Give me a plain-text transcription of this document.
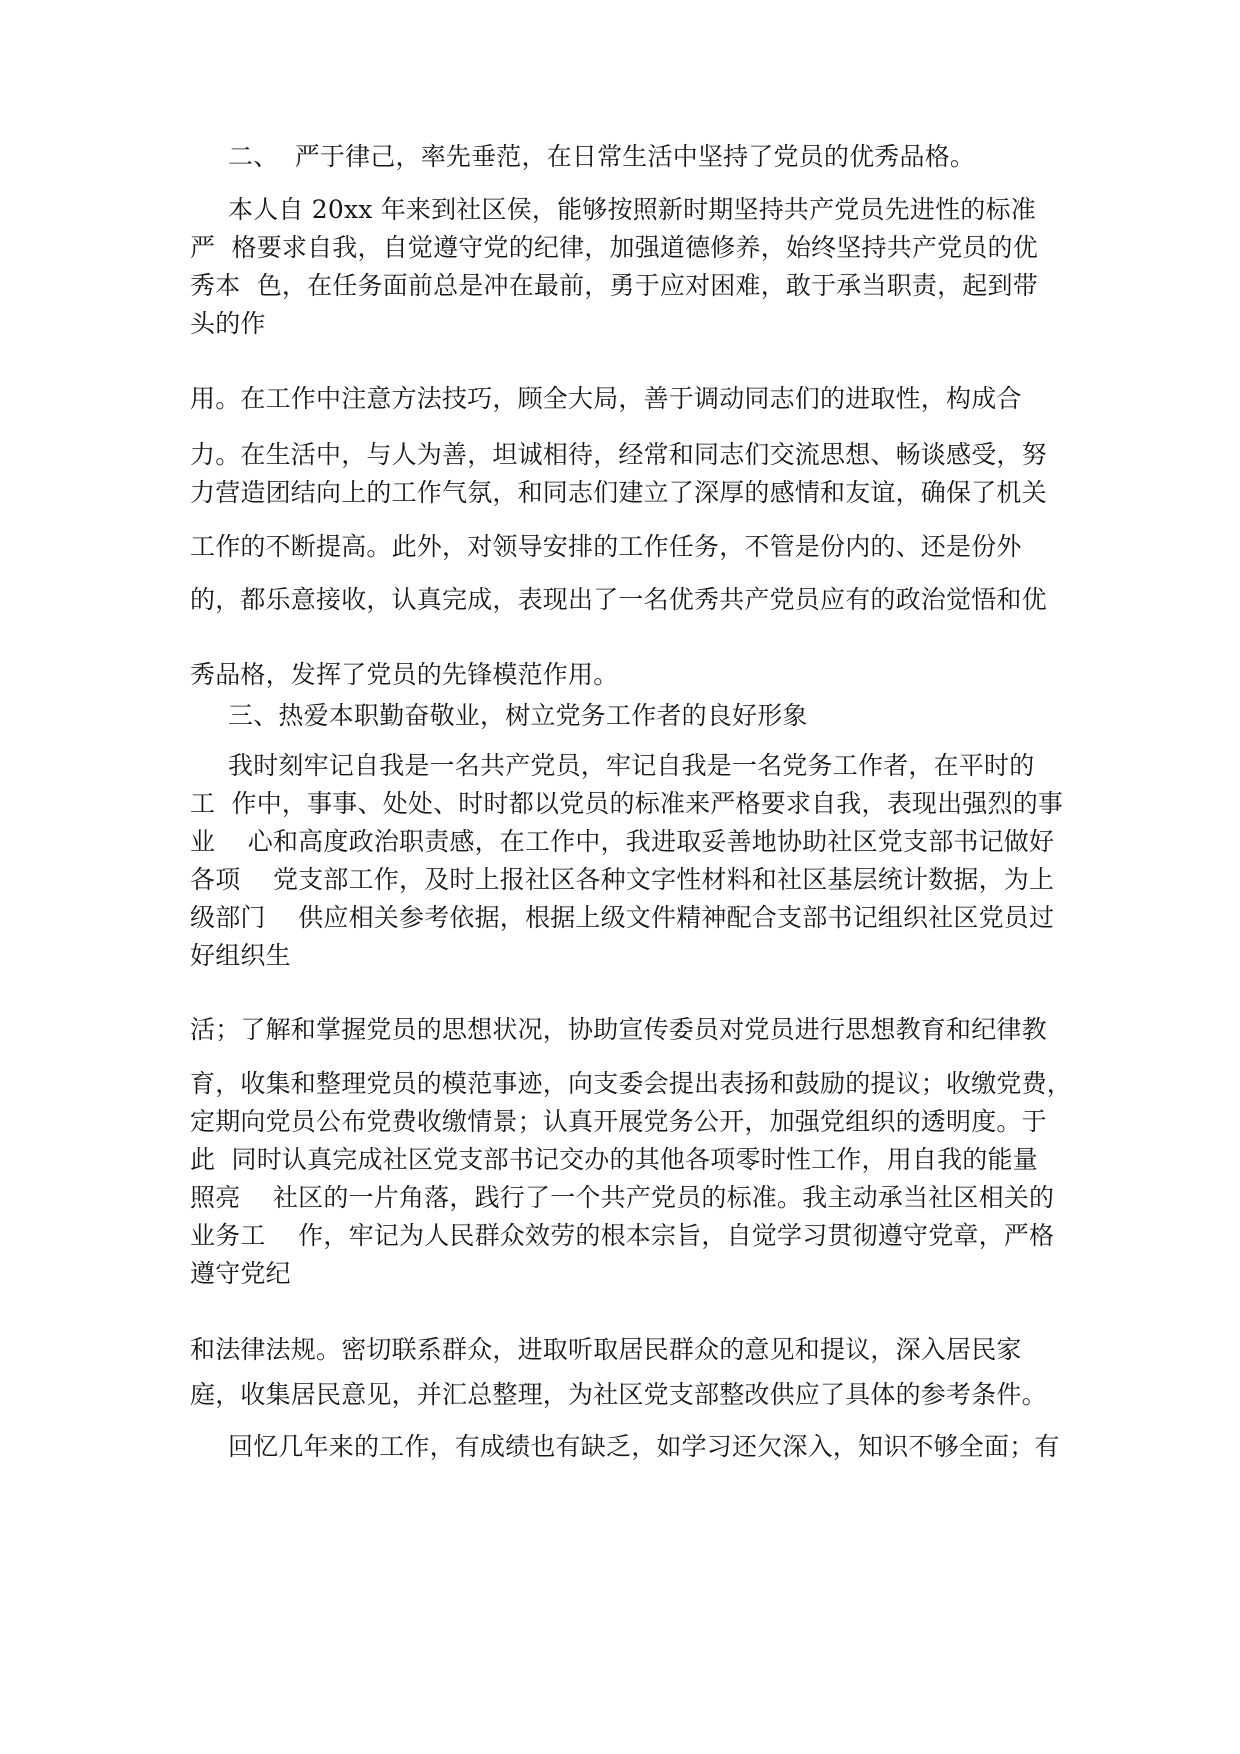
二、  严于律己，率先垂范，在日常生活中坚持了党员的优秀品格。

本人自 20xx 年来到社区侯，能够按照新时期坚持共产党员先进性的标准

严  格要求自我，自觉遵守党的纪律，加强道德修养，始终坚持共产党员的优

秀本  色，在任务面前总是冲在最前，勇于应对困难，敢于承当职责，起到带

头的作

用。在工作中注意方法技巧，顾全大局，善于调动同志们的进取性，构成合

力。在生活中，与人为善，坦诚相待，经常和同志们交流思想、畅谈感受，努

力营造团结向上的工作气氛，和同志们建立了深厚的感情和友谊，确保了机关

工作的不断提高。此外，对领导安排的工作任务，不管是份内的、还是份外

的，都乐意接收，认真完成，表现出了一名优秀共产党员应有的政治觉悟和优

秀品格，发挥了党员的先锋模范作用。

三、热爱本职勤奋敬业，树立党务工作者的良好形象

我时刻牢记自我是一名共产党员，牢记自我是一名党务工作者，在平时的

工  作中，事事、处处、时时都以党员的标准来严格要求自我，表现出强烈的事

业    心和高度政治职责感，在工作中，我进取妥善地协助社区党支部书记做好

各项    党支部工作，及时上报社区各种文字性材料和社区基层统计数据，为上

级部门    供应相关参考依据，根据上级文件精神配合支部书记组织社区党员过

好组织生

活；了解和掌握党员的思想状况，协助宣传委员对党员进行思想教育和纪律教

育，收集和整理党员的模范事迹，向支委会提出表扬和鼓励的提议；收缴党费，

定期向党员公布党费收缴情景；认真开展党务公开，加强党组织的透明度。于

此  同时认真完成社区党支部书记交办的其他各项零时性工作，用自我的能量

照亮    社区的一片角落，践行了一个共产党员的标准。我主动承当社区相关的

业务工    作，牢记为人民群众效劳的根本宗旨，自觉学习贯彻遵守党章，严格

遵守党纪

和法律法规。密切联系群众，进取听取居民群众的意见和提议，深入居民家

庭，收集居民意见，并汇总整理，为社区党支部整改供应了具体的参考条件。

回忆几年来的工作，有成绩也有缺乏，如学习还欠深入，知识不够全面；有
